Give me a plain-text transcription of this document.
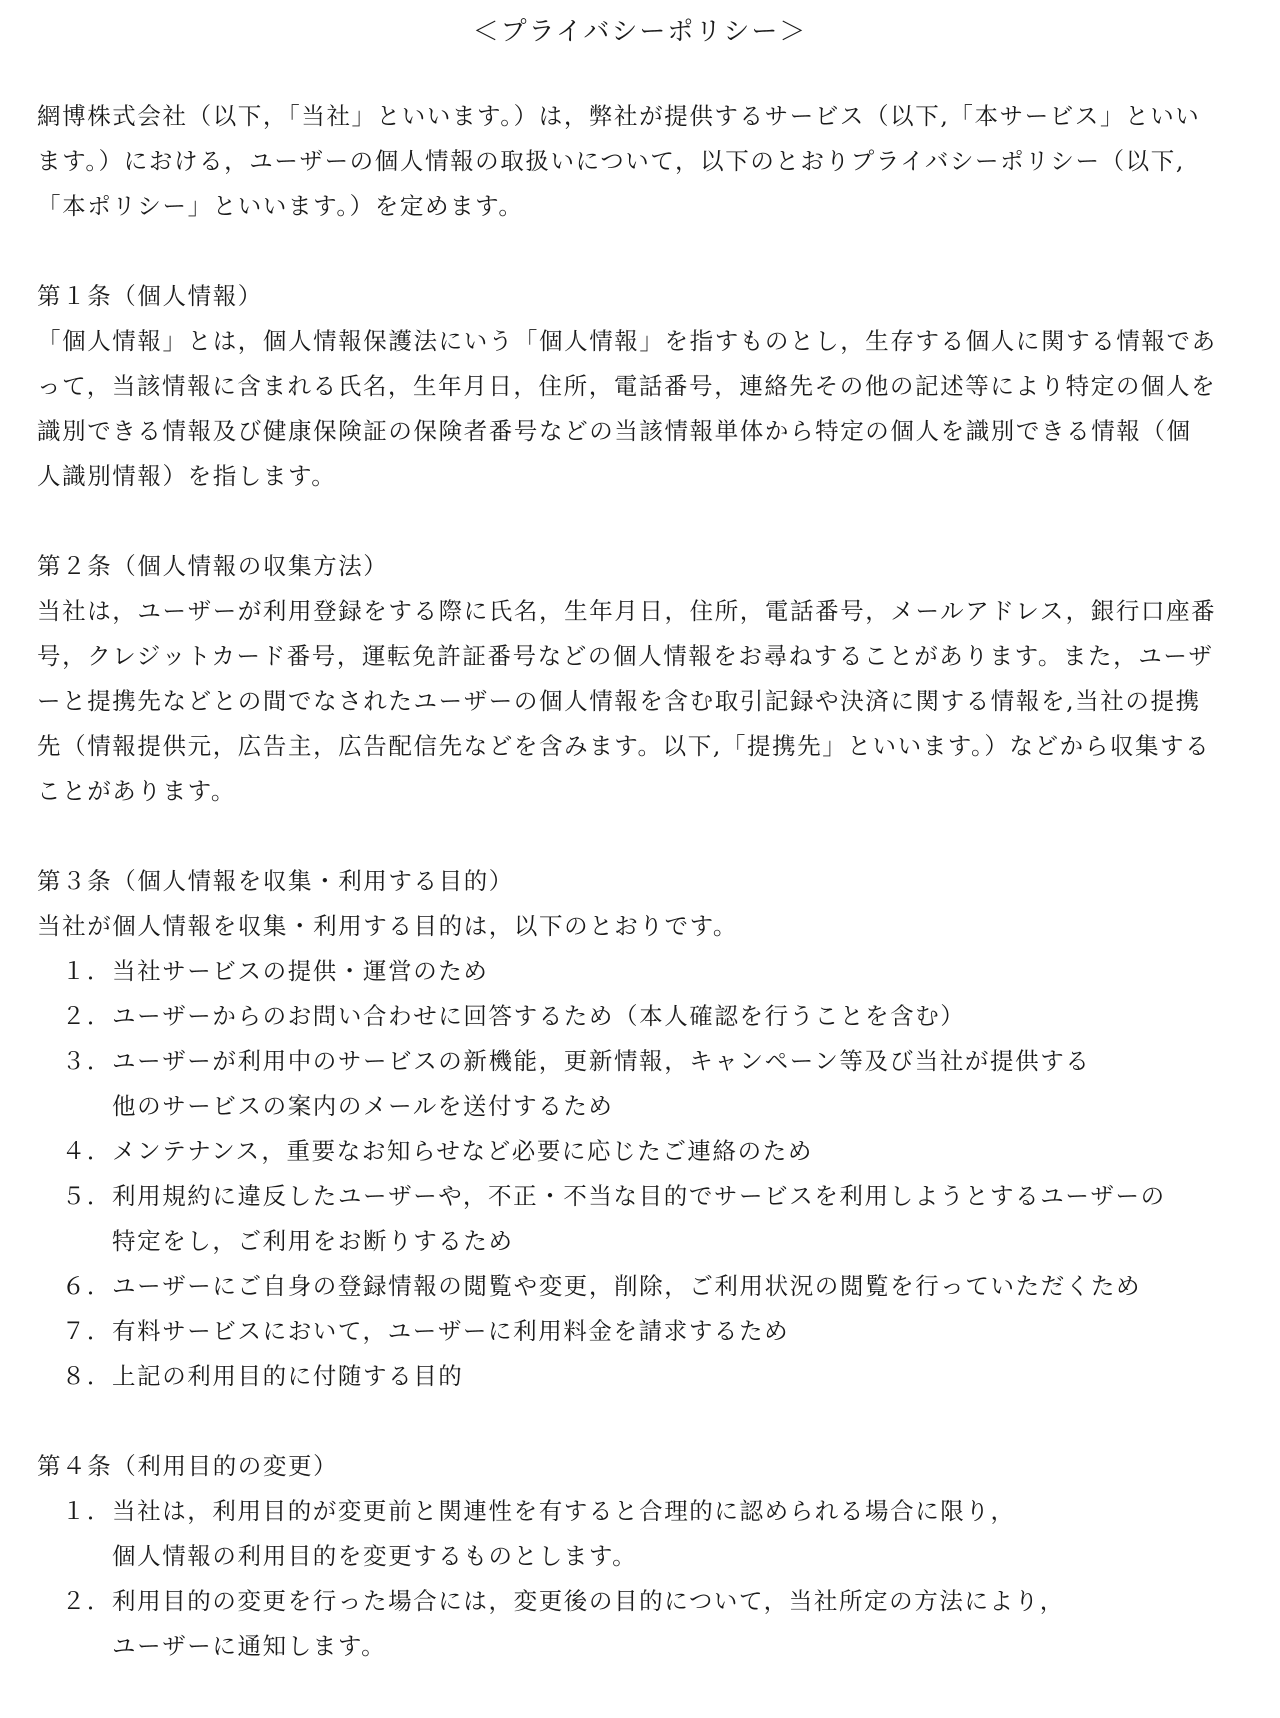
＜プライバシーポリシー＞
網博株式会社（以下，「当社」といいます。）は，弊社が提供するサービス（以下,「本サービス」といい
ます。）における，ユーザーの個人情報の取扱いについて，以下のとおりプライバシーポリシー（以下,
「本ポリシー」といいます。）を定めます。
第１条（個人情報）
「個人情報」とは，個人情報保護法にいう「個人情報」を指すものとし，生存する個人に関する情報であ
って，当該情報に含まれる氏名，生年月日，住所，電話番号，連絡先その他の記述等により特定の個人を
識別できる情報及び健康保険証の保険者番号などの当該情報単体から特定の個人を識別できる情報（個
人識別情報）を指します。
第２条（個人情報の収集方法）
当社は，ユーザーが利用登録をする際に氏名，生年月日，住所，電話番号，メールアドレス，銀行口座番
号，クレジットカード番号，運転免許証番号などの個人情報をお尋ねすることがあります。また，ユーザ
ーと提携先などとの間でなされたユーザーの個人情報を含む取引記録や決済に関する情報を,当社の提携
先（情報提供元，広告主，広告配信先などを含みます。以下,「提携先」といいます。）などから収集する
ことがあります。
第３条（個人情報を収集・利用する目的）
当社が個人情報を収集・利用する目的は，以下のとおりです。
１． 当社サービスの提供・運営のため
２． ユーザーからのお問い合わせに回答するため（本人確認を行うことを含む）
３． ユーザーが利用中のサービスの新機能，更新情報，キャンペーン等及び当社が提供する
他のサービスの案内のメールを送付するため
４． メンテナンス，重要なお知らせなど必要に応じたご連絡のため
５． 利用規約に違反したユーザーや，不正・不当な目的でサービスを利用しようとするユーザーの
特定をし，ご利用をお断りするため
６． ユーザーにご自身の登録情報の閲覧や変更，削除，ご利用状況の閲覧を行っていただくため
７． 有料サービスにおいて，ユーザーに利用料金を請求するため
８． 上記の利用目的に付随する目的
第４条（利用目的の変更）
１． 当社は，利用目的が変更前と関連性を有すると合理的に認められる場合に限り，
個人情報の利用目的を変更するものとします。
２． 利用目的の変更を行った場合には，変更後の目的について，当社所定の方法により，
ユーザーに通知します。
